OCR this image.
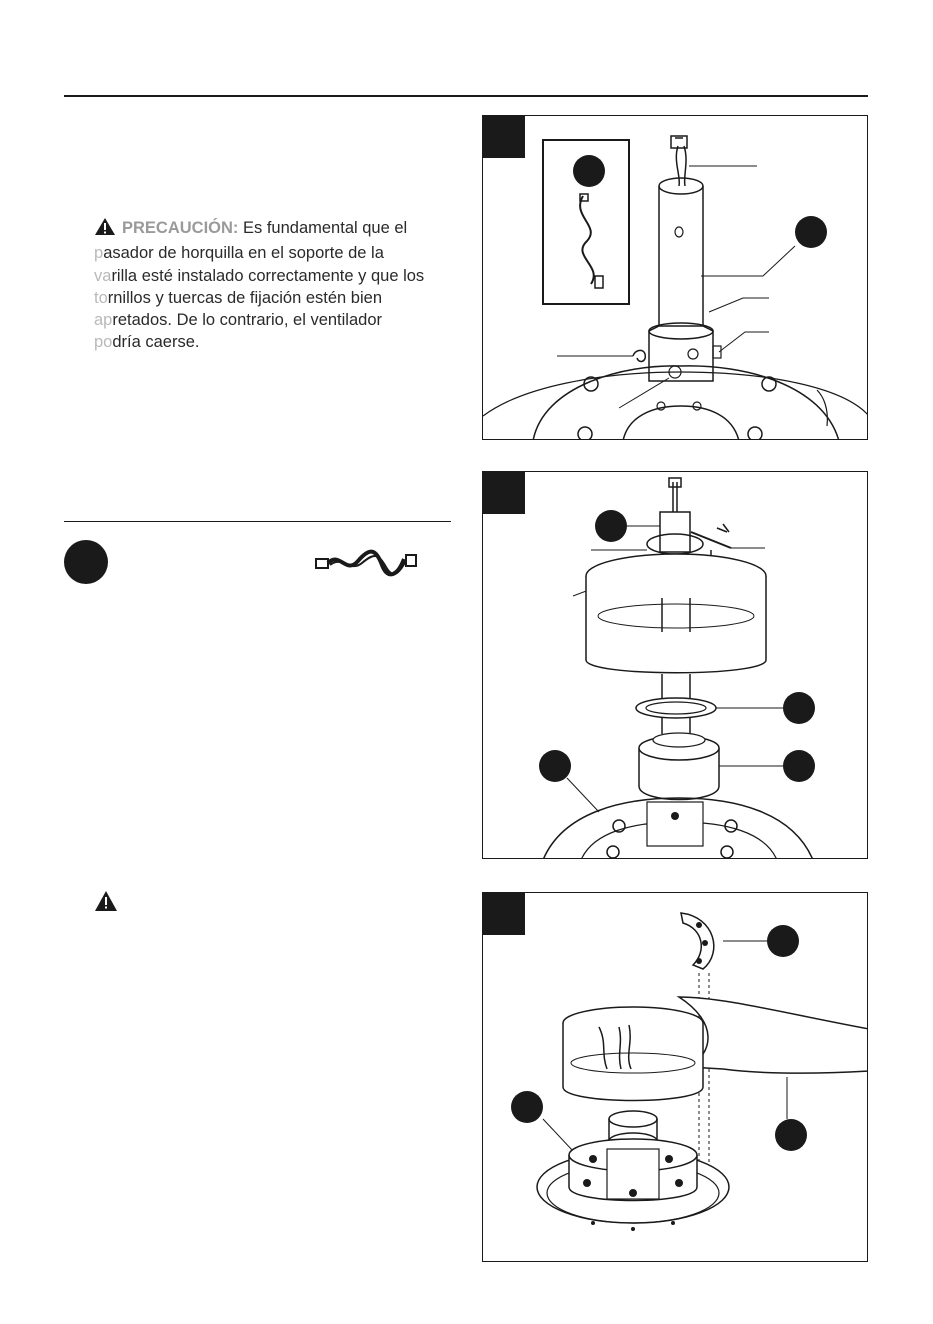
PRECAUCIÓN: Es fundamental que el
pasador de horquilla en el soporte de la
varilla esté instalado correctamente y que los
tornillos y tuercas de fijación estén bien
apretados. De lo contrario, el ventilador
podría caerse.
